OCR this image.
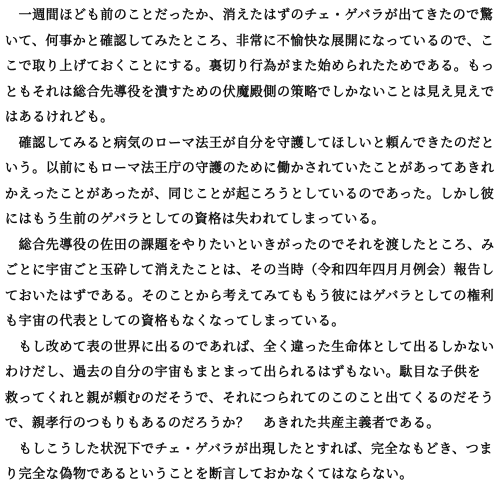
　一週間ほども前のことだったか、消えたはずのチェ・ゲバラが出てきたので驚
いて、何事かと確認してみたところ、非常に不愉快な展開になっているので、こ
こで取り上げておくことにする。裏切り行為がまた始められたためである。もっ
ともそれは総合先導役を潰すための伏魔殿側の策略でしかないことは見え見えで
はあるけれども。
　確認してみると病気のローマ法王が自分を守護してほしいと頼んできたのだと
いう。以前にもローマ法王庁の守護のために働かされていたことがあってあきれ
かえったことがあったが、同じことが起ころうとしているのであった。しかし彼
にはもう生前のゲバラとしての資格は失われてしまっている。
　総合先導役の佐田の課題をやりたいといきがったのでそれを渡したところ、み
ごとに宇宙ごと玉砕して消えたことは、その当時（令和四年四月月例会）報告し
ておいたはずである。そのことから考えてみてももう彼にはゲバラとしての権利
も宇宙の代表としての資格もなくなってしまっている。
　もし改めて表の世界に出るのであれば、全く違った生命体として出るしかない
わけだし、過去の自分の宇宙もまとまって出られるはずもない。駄目な子供を
救ってくれと親が頼むのだそうで、それにつられてのこのこと出てくるのだそう
で、親孝行のつもりもあるのだろうか？　あきれた共産主義者である。
　もしこうした状況下でチェ・ゲバラが出現したとすれば、完全なもどき、つま
り完全な偽物であるということを断言しておかなくてはならない。
